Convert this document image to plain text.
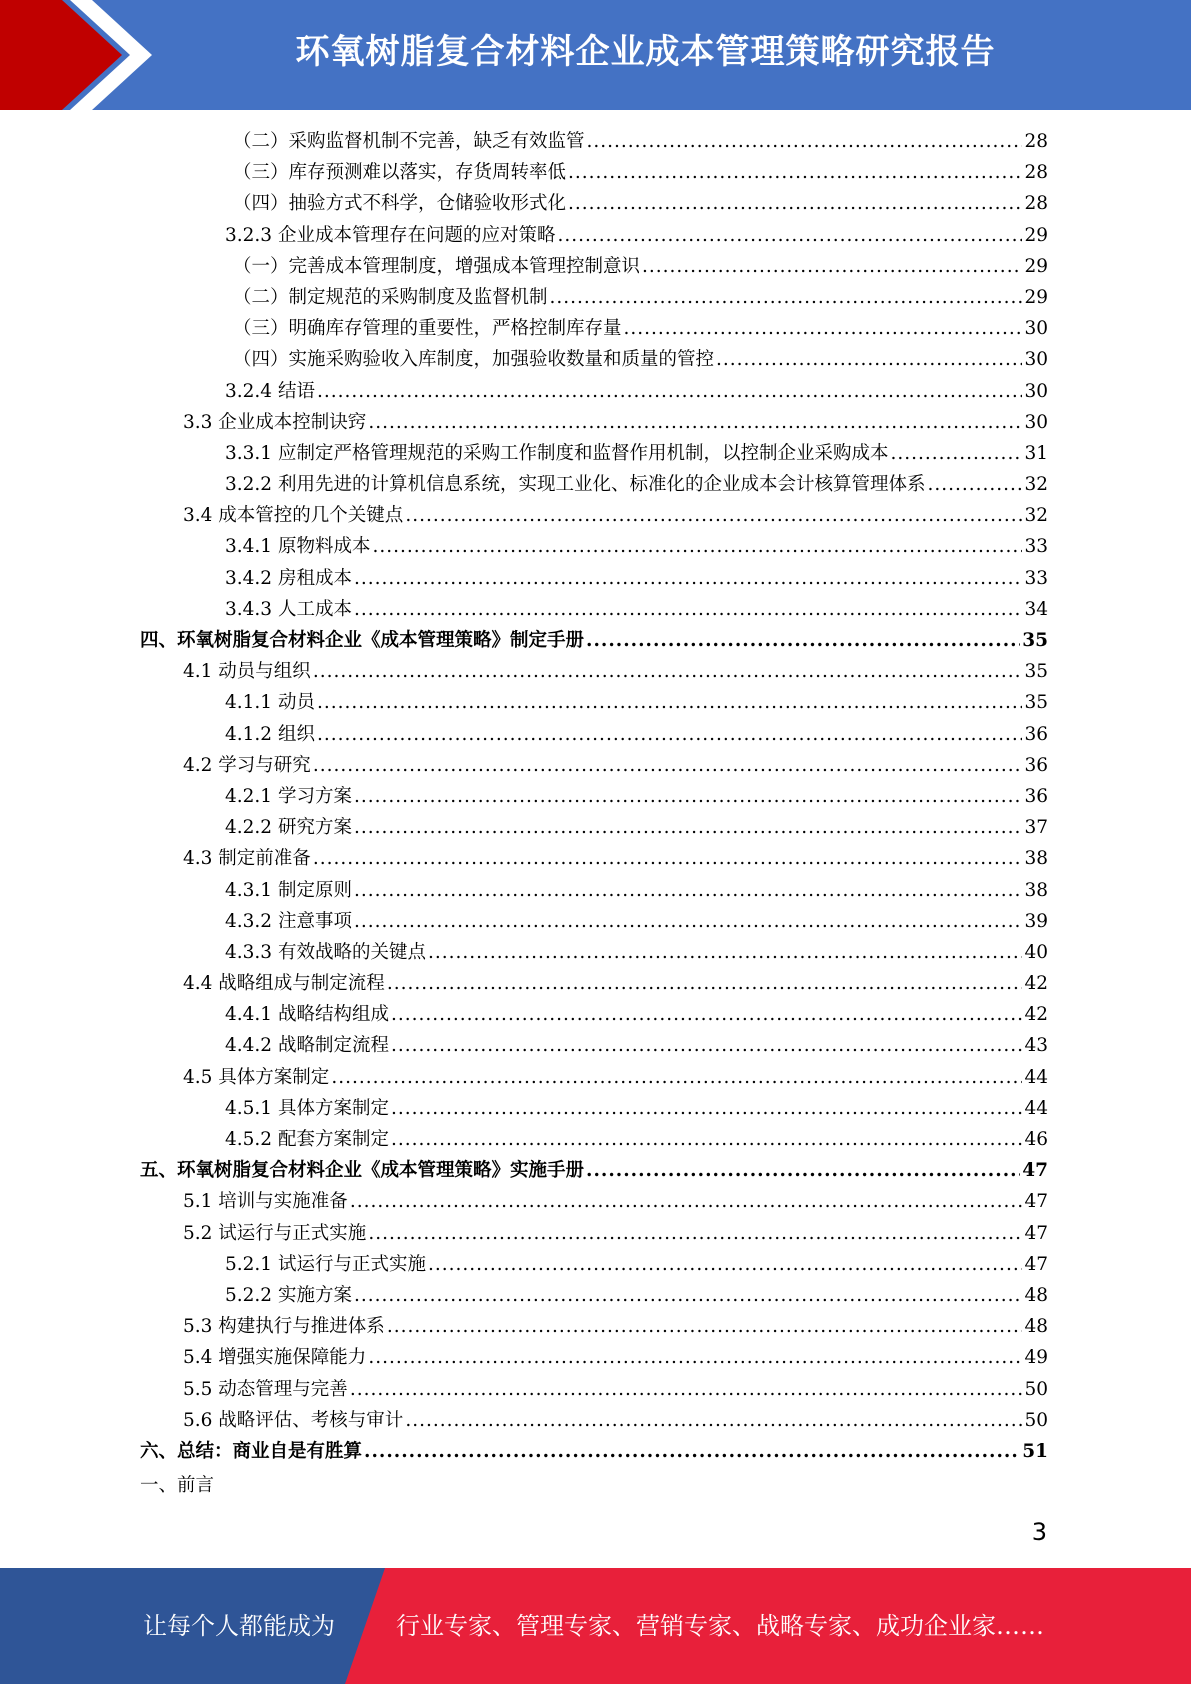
环氧树脂复合材料企业成本管理策略研究报告
（二）采购监督机制不完善，缺乏有效监管 .....	28
（三）库存预测难以落实，存货周转率低 .....	28
（四）抽验方式不科学，仓储验收形式化 .....	28
3.2.3 企业成本管理存在问题的应对策略 .....	29
（一）完善成本管理制度，增强成本管理控制意识 .....	29
（二）制定规范的采购制度及监督机制 .....	29
（三）明确库存管理的重要性，严格控制库存量 .....	30
（四）实施采购验收入库制度，加强验收数量和质量的管控 .....	30
3.2.4 结语 .....	30
3.3 企业成本控制诀窍 .....	30
3.3.1 应制定严格管理规范的采购工作制度和监督作用机制，以控制企业采购成本 .....	31
3.2.2 利用先进的计算机信息系统，实现工业化、标准化的企业成本会计核算管理体系 .....	32
3.4 成本管控的几个关键点 .....	32
3.4.1 原物料成本 .....	33
3.4.2 房租成本 .....	33
3.4.3 人工成本 .....	34
四、环氧树脂复合材料企业《成本管理策略》制定手册 .....	35
4.1 动员与组织 .....	35
4.1.1 动员 .....	35
4.1.2 组织 .....	36
4.2 学习与研究 .....	36
4.2.1 学习方案 .....	36
4.2.2 研究方案 .....	37
4.3 制定前准备 .....	38
4.3.1 制定原则 .....	38
4.3.2 注意事项 .....	39
4.3.3 有效战略的关键点 .....	40
4.4 战略组成与制定流程 .....	42
4.4.1 战略结构组成 .....	42
4.4.2 战略制定流程 .....	43
4.5 具体方案制定 .....	44
4.5.1 具体方案制定 .....	44
4.5.2 配套方案制定 .....	46
五、环氧树脂复合材料企业《成本管理策略》实施手册 .....	47
5.1 培训与实施准备 .....	47
5.2 试运行与正式实施 .....	47
5.2.1 试运行与正式实施 .....	47
5.2.2 实施方案 .....	48
5.3 构建执行与推进体系 .....	48
5.4 增强实施保障能力 .....	49
5.5 动态管理与完善 .....	50
5.6 战略评估、考核与审计 .....	50
六、总结：商业自是有胜算 .....	51
一、前言
3
让每个人都能成为	行业专家、管理专家、营销专家、战略专家、成功企业家……
